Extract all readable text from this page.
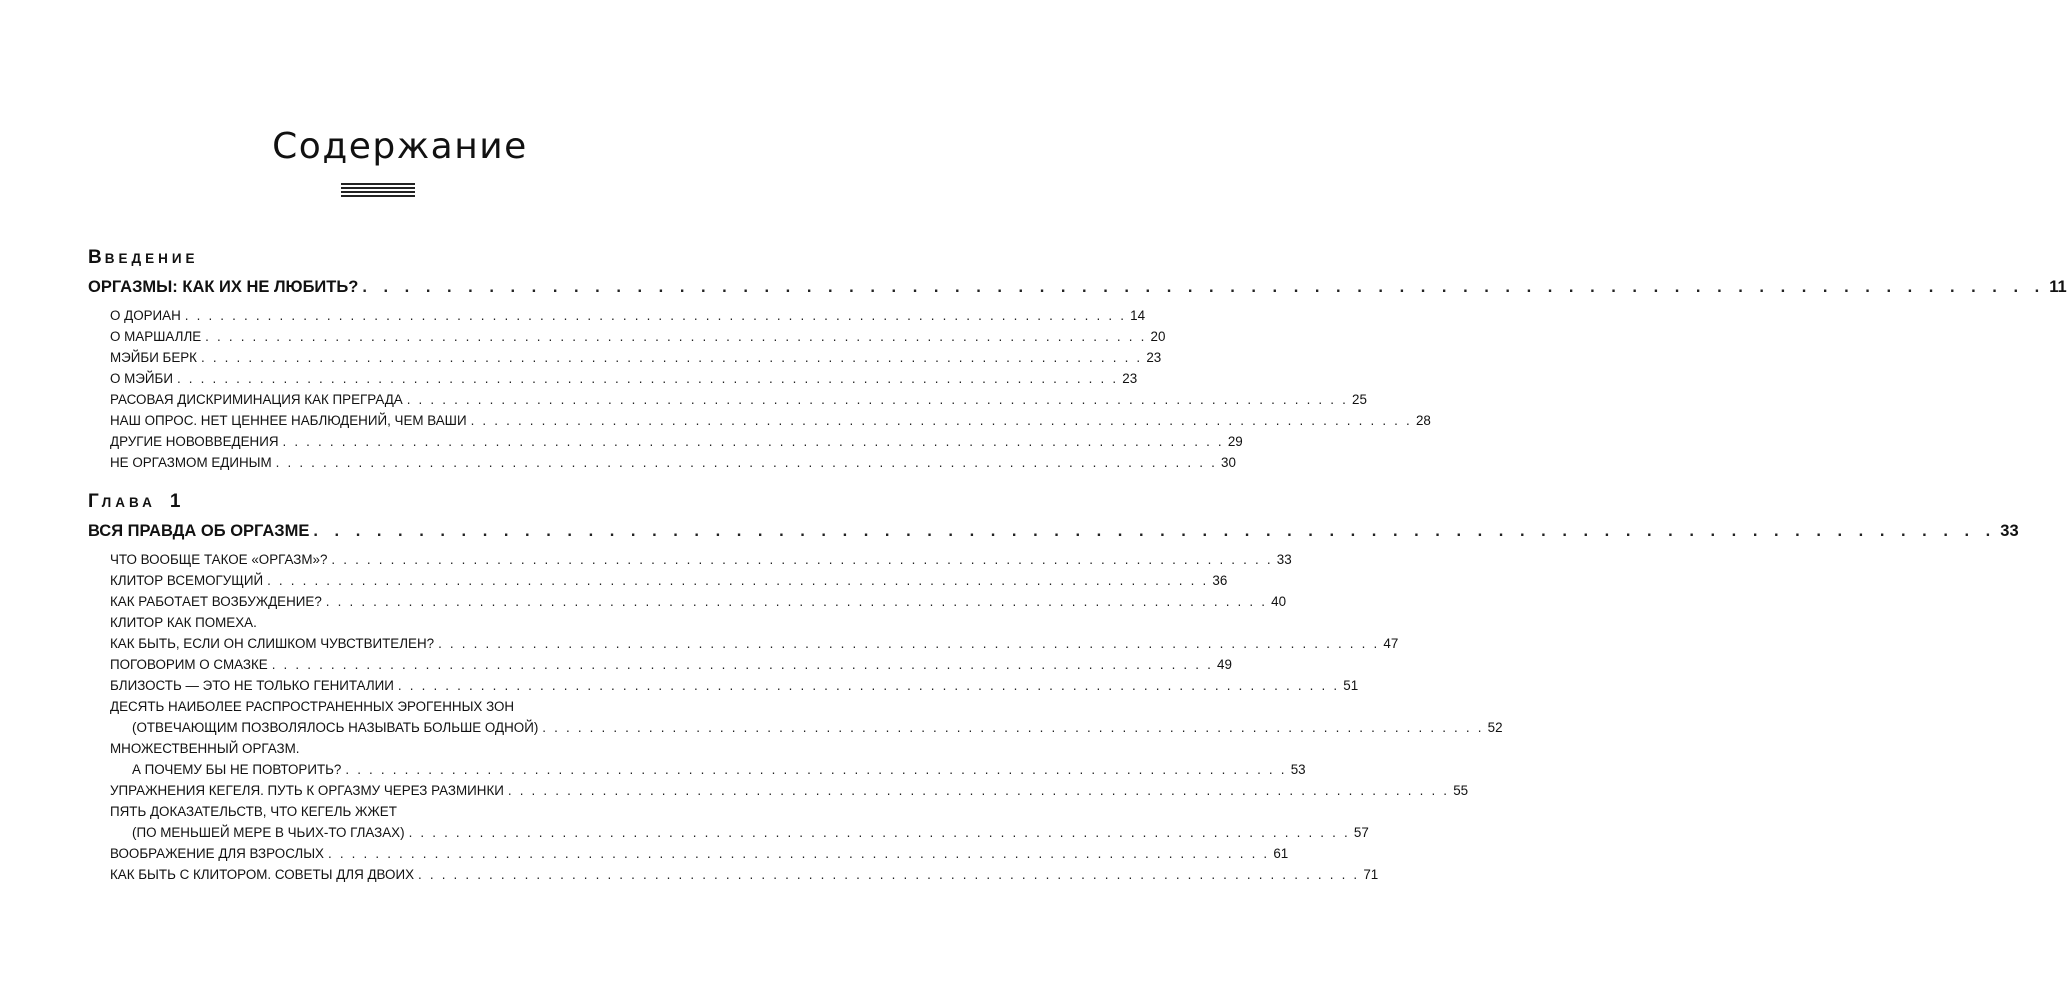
Содержание
ВВЕДЕНИЕ
ОРГАЗМЫ: КАК ИХ НЕ ЛЮБИТЬ? . . . . . . . . . . . . . . . . . . . . . . . . . . . . . . . . . . . . . . . . . . . . . . . . . . . . . . . . . . . . . . . . . . . . . . . . . . . . . . . . 11
О ДОРИАН . . . . . . . . . . . . . . . . . . . . . . . . . . . . . . . . . . . . . . . . . . . . . . . . . . . . . . . . . . . . . . . . . . . . . . . . . . . . . . . . 14
О МАРШАЛЛЕ . . . . . . . . . . . . . . . . . . . . . . . . . . . . . . . . . . . . . . . . . . . . . . . . . . . . . . . . . . . . . . . . . . . . . . . . . . . . . . . . 20
МЭЙБИ БЕРК . . . . . . . . . . . . . . . . . . . . . . . . . . . . . . . . . . . . . . . . . . . . . . . . . . . . . . . . . . . . . . . . . . . . . . . . . . . . . . . . 23
О МЭЙБИ . . . . . . . . . . . . . . . . . . . . . . . . . . . . . . . . . . . . . . . . . . . . . . . . . . . . . . . . . . . . . . . . . . . . . . . . . . . . . . . . 23
РАСОВАЯ ДИСКРИМИНАЦИЯ КАК ПРЕГРАДА . . . . . . . . . . . . . . . . . . . . . . . . . . . . . . . . . . . . . . . . . . . . . . . . . . . . . . . . . . . . . . . . . . . . . . . . . . . . . . . . 25
НАШ ОПРОС. НЕТ ЦЕННЕЕ НАБЛЮДЕНИЙ, ЧЕМ ВАШИ . . . . . . . . . . . . . . . . . . . . . . . . . . . . . . . . . . . . . . . . . . . . . . . . . . . . . . . . . . . . . . . . . . . . . . . . . . . . . . . . 28
ДРУГИЕ НОВОВВЕДЕНИЯ . . . . . . . . . . . . . . . . . . . . . . . . . . . . . . . . . . . . . . . . . . . . . . . . . . . . . . . . . . . . . . . . . . . . . . . . . . . . . . . . 29
НЕ ОРГАЗМОМ ЕДИНЫМ . . . . . . . . . . . . . . . . . . . . . . . . . . . . . . . . . . . . . . . . . . . . . . . . . . . . . . . . . . . . . . . . . . . . . . . . . . . . . . . . 30
ГЛАВА 1
ВСЯ ПРАВДА ОБ ОРГАЗМЕ . . . . . . . . . . . . . . . . . . . . . . . . . . . . . . . . . . . . . . . . . . . . . . . . . . . . . . . . . . . . . . . . . . . . . . . . . . . . . . . . 33
ЧТО ВООБЩЕ ТАКОЕ «ОРГАЗМ»? . . . . . . . . . . . . . . . . . . . . . . . . . . . . . . . . . . . . . . . . . . . . . . . . . . . . . . . . . . . . . . . . . . . . . . . . . . . . . . . . 33
КЛИТОР ВСЕМОГУЩИЙ . . . . . . . . . . . . . . . . . . . . . . . . . . . . . . . . . . . . . . . . . . . . . . . . . . . . . . . . . . . . . . . . . . . . . . . . . . . . . . . . 36
КАК РАБОТАЕТ ВОЗБУЖДЕНИЕ? . . . . . . . . . . . . . . . . . . . . . . . . . . . . . . . . . . . . . . . . . . . . . . . . . . . . . . . . . . . . . . . . . . . . . . . . . . . . . . . . 40
КЛИТОР КАК ПОМЕХА.
КАК БЫТЬ, ЕСЛИ ОН СЛИШКОМ ЧУВСТВИТЕЛЕН? . . . . . . . . . . . . . . . . . . . . . . . . . . . . . . . . . . . . . . . . . . . . . . . . . . . . . . . . . . . . . . . . . . . . . . . . . . . . . . . . 47
ПОГОВОРИМ О СМАЗКЕ . . . . . . . . . . . . . . . . . . . . . . . . . . . . . . . . . . . . . . . . . . . . . . . . . . . . . . . . . . . . . . . . . . . . . . . . . . . . . . . . 49
БЛИЗОСТЬ — ЭТО НЕ ТОЛЬКО ГЕНИТАЛИИ . . . . . . . . . . . . . . . . . . . . . . . . . . . . . . . . . . . . . . . . . . . . . . . . . . . . . . . . . . . . . . . . . . . . . . . . . . . . . . . . 51
ДЕСЯТЬ НАИБОЛЕЕ РАСПРОСТРАНЕННЫХ ЭРОГЕННЫХ ЗОН
(ОТВЕЧАЮЩИМ ПОЗВОЛЯЛОСЬ НАЗЫВАТЬ БОЛЬШЕ ОДНОЙ) . . . . . . . . . . . . . . . . . . . . . . . . . . . . . . . . . . . . . . . . . . . . . . . . . . . . . . . . . . . . . . . . . . . . . . . . . . . . . . . . 52
МНОЖЕСТВЕННЫЙ ОРГАЗМ.
А ПОЧЕМУ БЫ НЕ ПОВТОРИТЬ? . . . . . . . . . . . . . . . . . . . . . . . . . . . . . . . . . . . . . . . . . . . . . . . . . . . . . . . . . . . . . . . . . . . . . . . . . . . . . . . . 53
УПРАЖНЕНИЯ КЕГЕЛЯ. ПУТЬ К ОРГАЗМУ ЧЕРЕЗ РАЗМИНКИ . . . . . . . . . . . . . . . . . . . . . . . . . . . . . . . . . . . . . . . . . . . . . . . . . . . . . . . . . . . . . . . . . . . . . . . . . . . . . . . . 55
ПЯТЬ ДОКАЗАТЕЛЬСТВ, ЧТО КЕГЕЛЬ ЖЖЕТ
(ПО МЕНЬШЕЙ МЕРЕ В ЧЬИХ-ТО ГЛАЗАХ) . . . . . . . . . . . . . . . . . . . . . . . . . . . . . . . . . . . . . . . . . . . . . . . . . . . . . . . . . . . . . . . . . . . . . . . . . . . . . . . . 57
ВООБРАЖЕНИЕ ДЛЯ ВЗРОСЛЫХ . . . . . . . . . . . . . . . . . . . . . . . . . . . . . . . . . . . . . . . . . . . . . . . . . . . . . . . . . . . . . . . . . . . . . . . . . . . . . . . . 61
КАК БЫТЬ С КЛИТОРОМ. СОВЕТЫ ДЛЯ ДВОИХ . . . . . . . . . . . . . . . . . . . . . . . . . . . . . . . . . . . . . . . . . . . . . . . . . . . . . . . . . . . . . . . . . . . . . . . . . . . . . . . . 71
